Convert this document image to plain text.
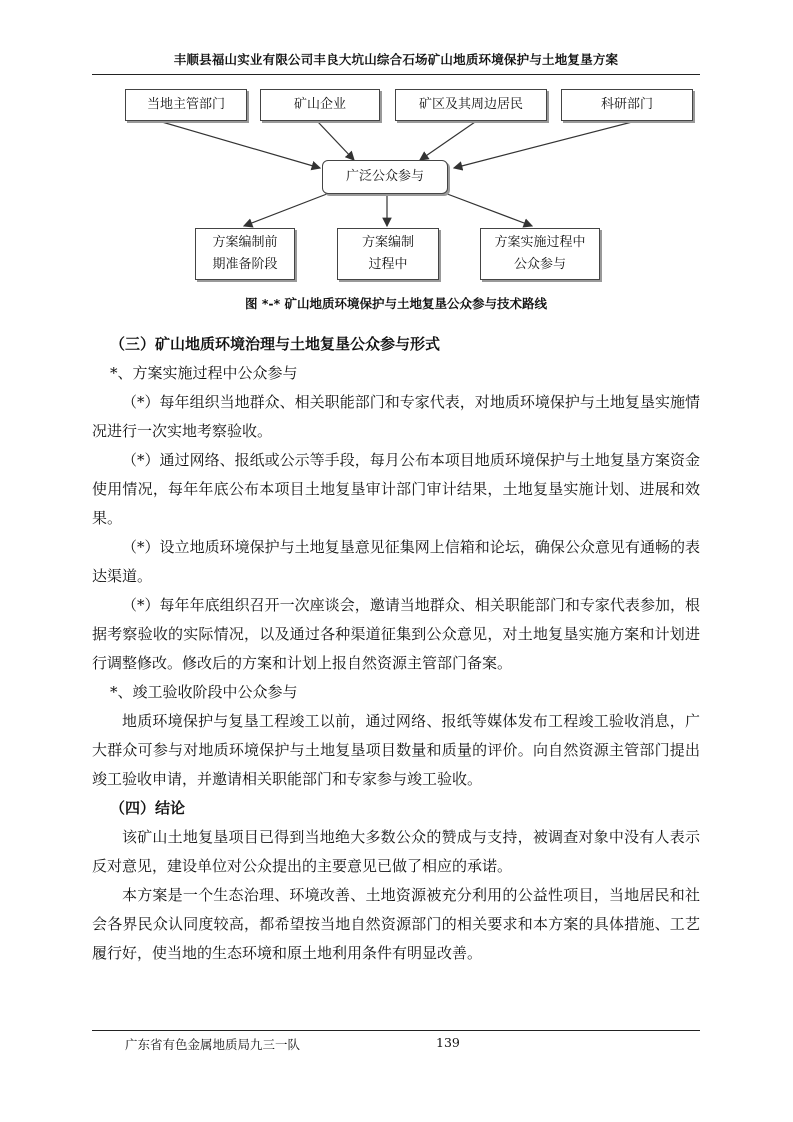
丰顺县福山实业有限公司丰良大坑山综合石场矿山地质环境保护与土地复垦方案
当地主管部门	矿山企业	矿区及其周边居民	科研部门
广泛公众参与
方案编制前
期准备阶段
方案编制
过程中
方案实施过程中
公众参与
图 *-* 矿山地质环境保护与土地复垦公众参与技术路线
（三）矿山地质环境治理与土地复垦公众参与形式

*、方案实施过程中公众参与

（*）每年组织当地群众、相关职能部门和专家代表，对地质环境保护与土地复垦实施情况进行一次实地考察验收。

（*）通过网络、报纸或公示等手段，每月公布本项目地质环境保护与土地复垦方案资金使用情况，每年年底公布本项目土地复垦审计部门审计结果，土地复垦实施计划、进展和效果。

（*）设立地质环境保护与土地复垦意见征集网上信箱和论坛，确保公众意见有通畅的表达渠道。

（*）每年年底组织召开一次座谈会，邀请当地群众、相关职能部门和专家代表参加，根据考察验收的实际情况，以及通过各种渠道征集到公众意见，对土地复垦实施方案和计划进行调整修改。修改后的方案和计划上报自然资源主管部门备案。

*、竣工验收阶段中公众参与

地质环境保护与复垦工程竣工以前，通过网络、报纸等媒体发布工程竣工验收消息，广大群众可参与对地质环境保护与土地复垦项目数量和质量的评价。向自然资源主管部门提出竣工验收申请，并邀请相关职能部门和专家参与竣工验收。

（四）结论

该矿山土地复垦项目已得到当地绝大多数公众的赞成与支持，被调查对象中没有人表示反对意见，建设单位对公众提出的主要意见已做了相应的承诺。

本方案是一个生态治理、环境改善、土地资源被充分利用的公益性项目，当地居民和社会各界民众认同度较高，都希望按当地自然资源部门的相关要求和本方案的具体措施、工艺履行好，使当地的生态环境和原土地利用条件有明显改善。

广东省有色金属地质局九三一队	139
